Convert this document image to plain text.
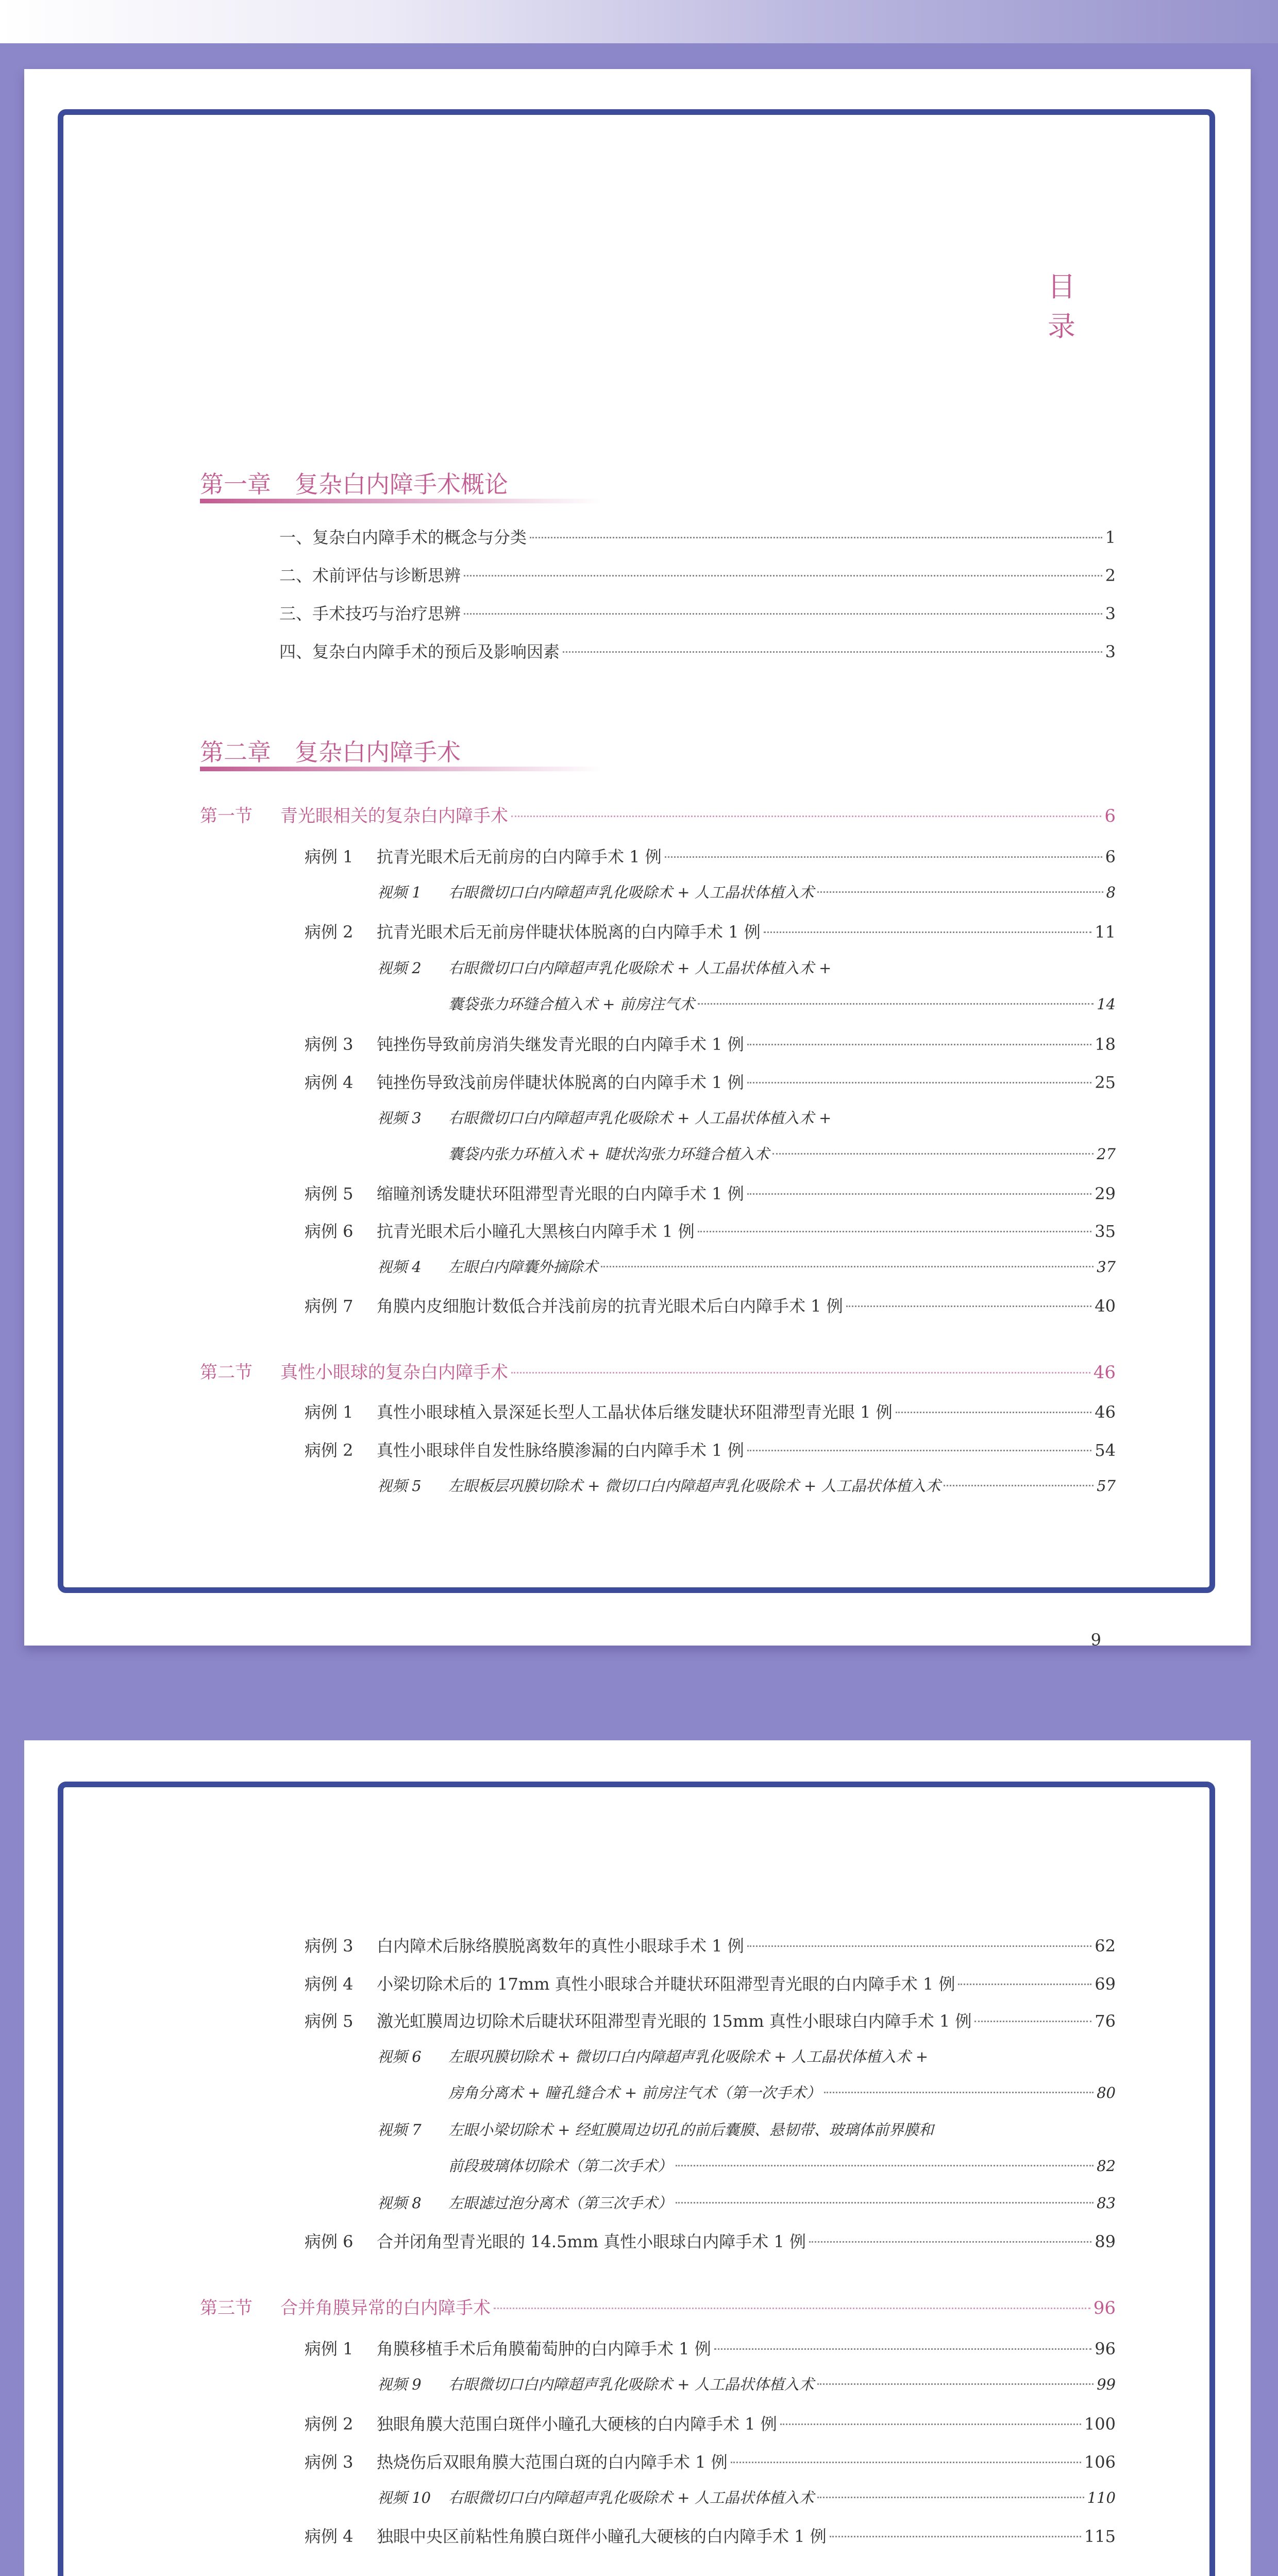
目 录
第一章　复杂白内障手术概论
一、复杂白内障手术的概念与分类	1
二、术前评估与诊断思辨	2
三、手术技巧与治疗思辨	3
四、复杂白内障手术的预后及影响因素	3
第二章　复杂白内障手术
第一节	青光眼相关的复杂白内障手术	6
病例 1	抗青光眼术后无前房的白内障手术 1 例	6
视频 1	右眼微切口白内障超声乳化吸除术 + 人工晶状体植入术	8
病例 2	抗青光眼术后无前房伴睫状体脱离的白内障手术 1 例	11
视频 2 右眼微切口白内障超声乳化吸除术 + 人工晶状体植入术 +
囊袋张力环缝合植入术 + 前房注气术	14
病例 3	钝挫伤导致前房消失继发青光眼的白内障手术 1 例	18
病例 4	钝挫伤导致浅前房伴睫状体脱离的白内障手术 1 例	25
视频 3 右眼微切口白内障超声乳化吸除术 + 人工晶状体植入术 +
囊袋内张力环植入术 + 睫状沟张力环缝合植入术	27
病例 5	缩瞳剂诱发睫状环阻滞型青光眼的白内障手术 1 例	29
病例 6	抗青光眼术后小瞳孔大黑核白内障手术 1 例	35
视频 4	左眼白内障囊外摘除术	37
病例 7	角膜内皮细胞计数低合并浅前房的抗青光眼术后白内障手术 1 例	40
第二节	真性小眼球的复杂白内障手术	46
病例 1	真性小眼球植入景深延长型人工晶状体后继发睫状环阻滞型青光眼 1 例	46
病例 2	真性小眼球伴自发性脉络膜渗漏的白内障手术 1 例	54
视频 5	左眼板层巩膜切除术 + 微切口白内障超声乳化吸除术 + 人工晶状体植入术	57
9
病例 3	白内障术后脉络膜脱离数年的真性小眼球手术 1 例	62
病例 4	小梁切除术后的 17mm 真性小眼球合并睫状环阻滞型青光眼的白内障手术 1 例	69
病例 5	激光虹膜周边切除术后睫状环阻滞型青光眼的 15mm 真性小眼球白内障手术 1 例	76
视频 6 左眼巩膜切除术 + 微切口白内障超声乳化吸除术 + 人工晶状体植入术 +
房角分离术 + 瞳孔缝合术 + 前房注气术（第一次手术）	80
视频 7 左眼小梁切除术 + 经虹膜周边切孔的前后囊膜、悬韧带、玻璃体前界膜和
前段玻璃体切除术（第二次手术）	82
视频 8	左眼滤过泡分离术（第三次手术）	83
病例 6	合并闭角型青光眼的 14.5mm 真性小眼球白内障手术 1 例	89
第三节	合并角膜异常的白内障手术	96
病例 1	角膜移植手术后角膜葡萄肿的白内障手术 1 例	96
视频 9	右眼微切口白内障超声乳化吸除术 + 人工晶状体植入术	99
病例 2	独眼角膜大范围白斑伴小瞳孔大硬核的白内障手术 1 例	100
病例 3	热烧伤后双眼角膜大范围白斑的白内障手术 1 例	106
视频 10	右眼微切口白内障超声乳化吸除术 + 人工晶状体植入术	110
病例 4	独眼中央区前粘性角膜白斑伴小瞳孔大硬核的白内障手术 1 例	115
